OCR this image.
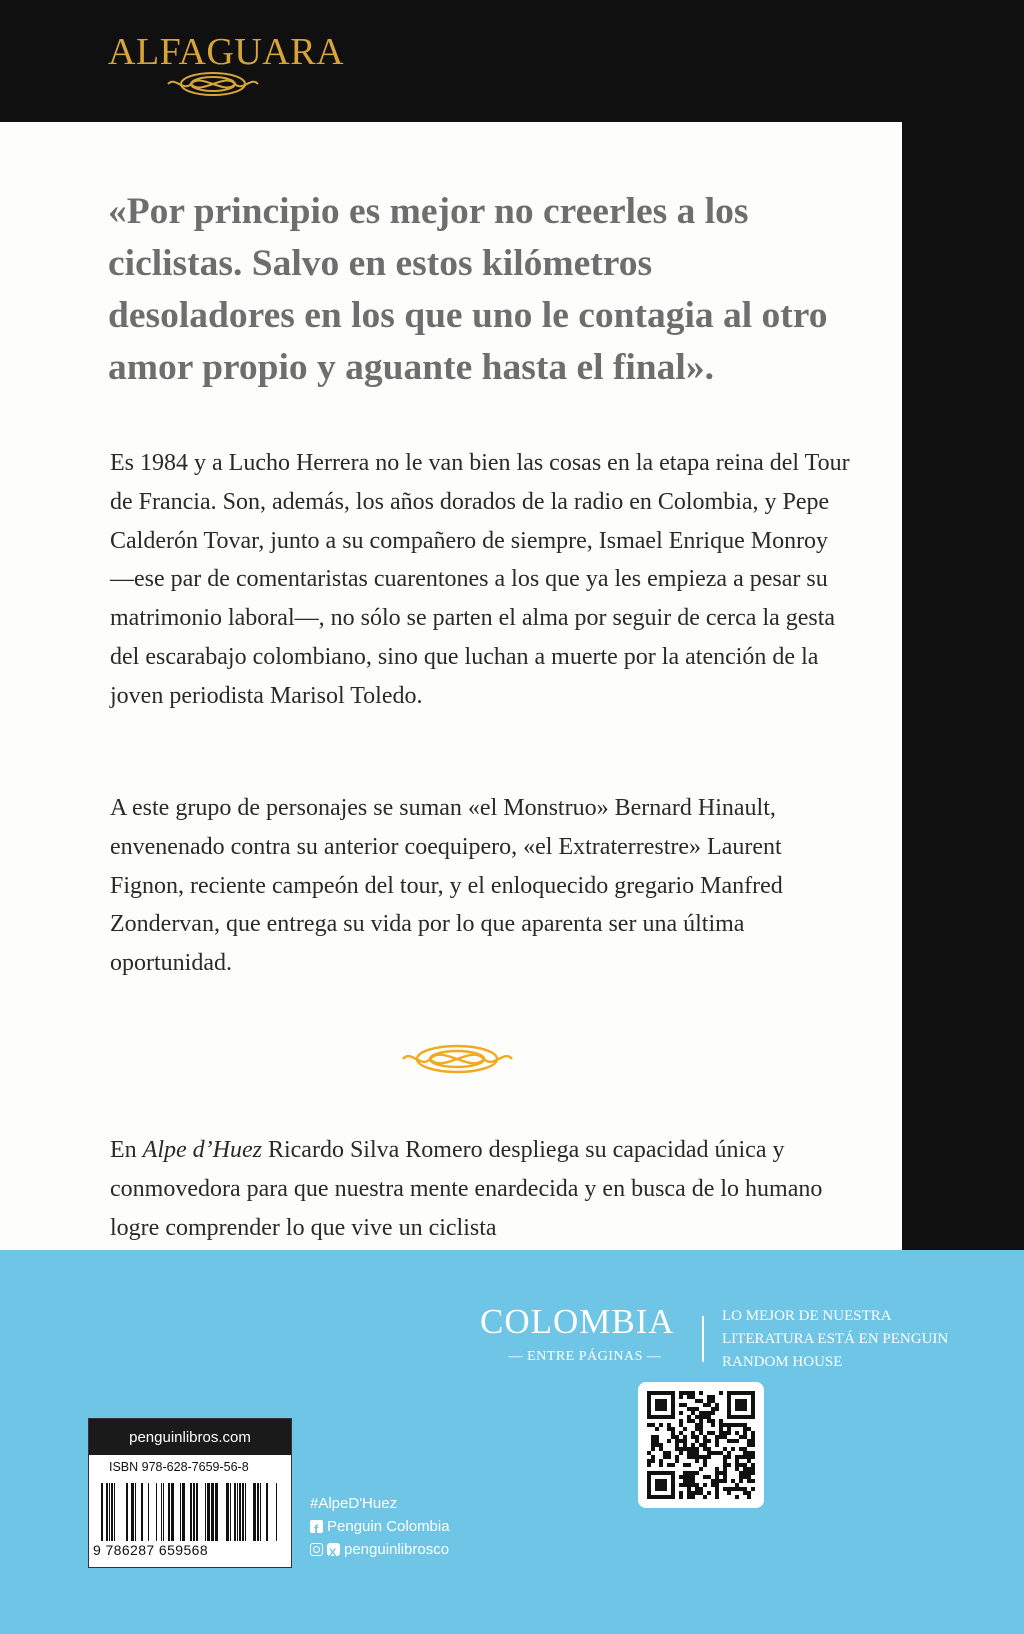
ALFAGUARA
«Por principio es mejor no creerles a los ciclistas. Salvo en estos kilómetros desoladores en los que uno le contagia al otro amor propio y aguante hasta el final».
Es 1984 y a Lucho Herrera no le van bien las cosas en la etapa reina del Tour de Francia. Son, además, los años dorados de la radio en Colombia, y Pepe Calderón Tovar, junto a su compañero de siempre, Ismael Enrique Monroy —ese par de comentaristas cuarentones a los que ya les empieza a pesar su matrimonio laboral—, no sólo se parten el alma por seguir de cerca la gesta del escarabajo colombiano, sino que luchan a muerte por la atención de la joven periodista Marisol Toledo.
A este grupo de personajes se suman «el Monstruo» Bernard Hinault, envenenado contra su anterior coequipero, «el Extraterrestre» Laurent Fignon, reciente campeón del tour, y el enloquecido gregario Manfred Zondervan, que entrega su vida por lo que aparenta ser una última oportunidad.
En Alpe d’Huez Ricardo Silva Romero despliega su capacidad única y conmovedora para que nuestra mente enardecida y en busca de lo humano logre comprender lo que vive un ciclista
COLOMBIA
— ENTRE PÁGINAS —
LO MEJOR DE NUESTRA LITERATURA ESTÁ EN PENGUIN RANDOM HOUSE
penguinlibros.com
ISBN 978-628-7659-56-8
9 786287 659568
#AlpeD'Huez
f
Penguin Colombia
X
penguinlibrosco
